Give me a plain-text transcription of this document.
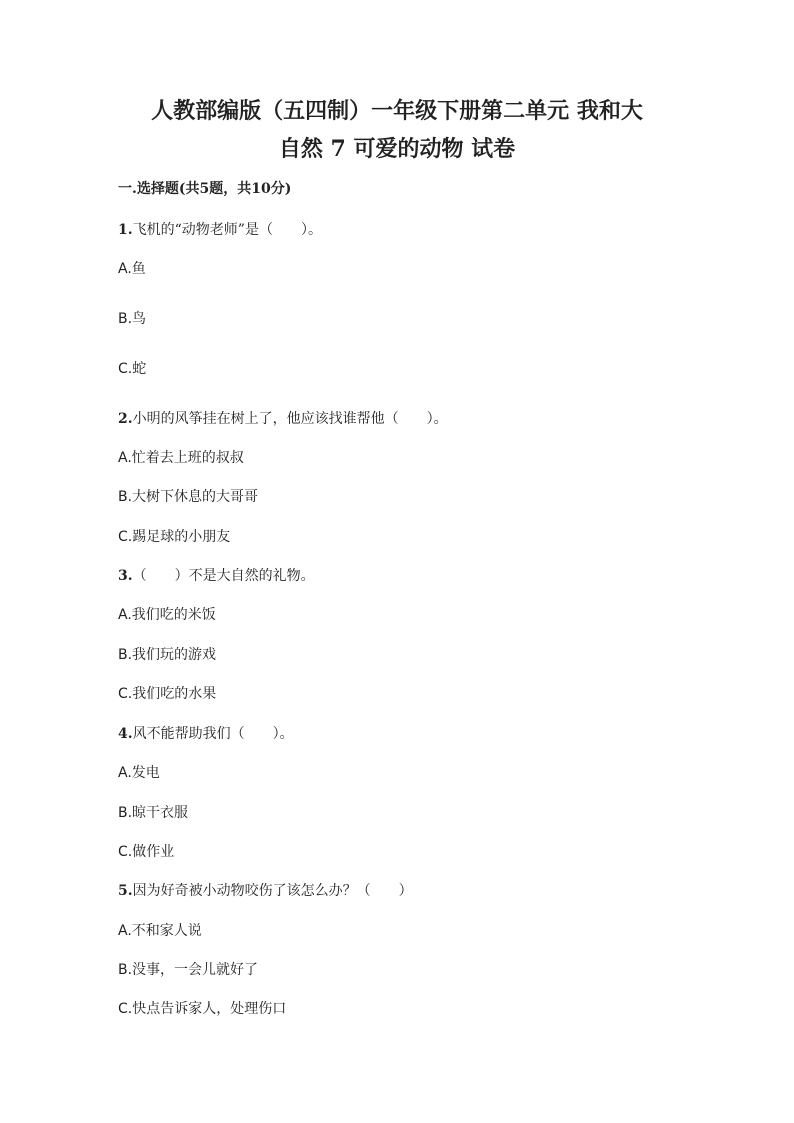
人教部编版（五四制）一年级下册第二单元 我和大
自然 7 可爱的动物 试卷
一.选择题(共5题，共10分)
1.飞机的“动物老师”是（　　）。
A.鱼
B.鸟
C.蛇
2.小明的风筝挂在树上了，他应该找谁帮他（　　）。
A.忙着去上班的叔叔
B.大树下休息的大哥哥
C.踢足球的小朋友
3.（　　）不是大自然的礼物。
A.我们吃的米饭
B.我们玩的游戏
C.我们吃的水果
4.风不能帮助我们（　　）。
A.发电
B.晾干衣服
C.做作业
5.因为好奇被小动物咬伤了该怎么办？（　　）
A.不和家人说
B.没事，一会儿就好了
C.快点告诉家人，处理伤口
